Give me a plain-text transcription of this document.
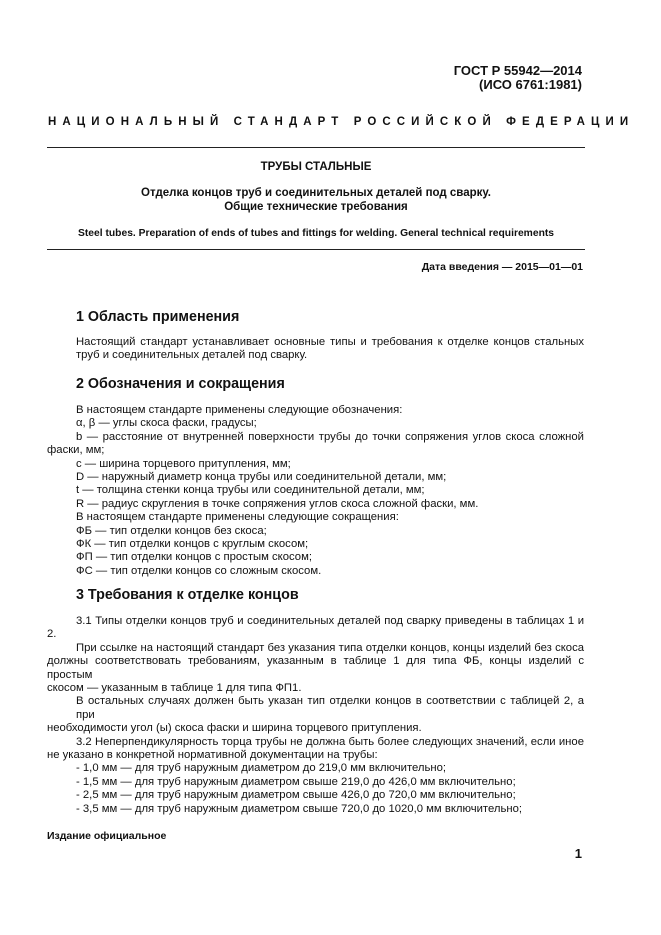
ГОСТ Р 55942—2014
(ИСО 6761:1981)
НАЦИОНАЛЬНЫЙ СТАНДАРТ РОССИЙСКОЙ ФЕДЕРАЦИИ
ТРУБЫ СТАЛЬНЫЕ
Отделка концов труб и соединительных деталей под сварку.
Общие технические требования
Steel tubes. Preparation of ends of tubes and fittings for welding. General technical requirements
Дата введения — 2015—01—01
1 Область применения

Настоящий стандарт устанавливает основные типы и требования к отделке концов стальных труб и соединительных деталей под сварку.

2 Обозначения и сокращения
В настоящем стандарте применены следующие обозначения:
α, β — углы скоса фаски, градусы;
b — расстояние от внутренней поверхности трубы до точки сопряжения углов скоса сложной
фаски, мм;
c — ширина торцевого притупления, мм;
D — наружный диаметр конца трубы или соединительной детали, мм;
t — толщина стенки конца трубы или соединительной детали, мм;
R — радиус скругления в точке сопряжения углов скоса сложной фаски, мм.
В настоящем стандарте применены следующие сокращения:
ФБ — тип отделки концов без скоса;
ФК — тип отделки концов с круглым скосом;
ФП — тип отделки концов с простым скосом;
ФС — тип отделки концов со сложным скосом.
3 Требования к отделке концов
3.1 Типы отделки концов труб и соединительных деталей под сварку приведены в таблицах 1 и
2.
При ссылке на настоящий стандарт без указания типа отделки концов, концы изделий без скоса
должны соответствовать требованиям, указанным в таблице 1 для типа ФБ, концы изделий с простым
скосом — указанным в таблице 1 для типа ФП1.
В остальных случаях должен быть указан тип отделки концов в соответствии с таблицей 2, а при
необходимости угол (ы) скоса фаски и ширина торцевого притупления.
3.2 Неперпендикулярность торца трубы не должна быть более следующих значений, если иное
не указано в конкретной нормативной документации на трубы:
- 1,0 мм — для труб наружным диаметром до 219,0 мм включительно;
- 1,5 мм — для труб наружным диаметром свыше 219,0 до 426,0 мм включительно;
- 2,5 мм — для труб наружным диаметром свыше 426,0 до 720,0 мм включительно;
- 3,5 мм — для труб наружным диаметром свыше 720,0 до 1020,0 мм включительно;
Издание официальное
1
